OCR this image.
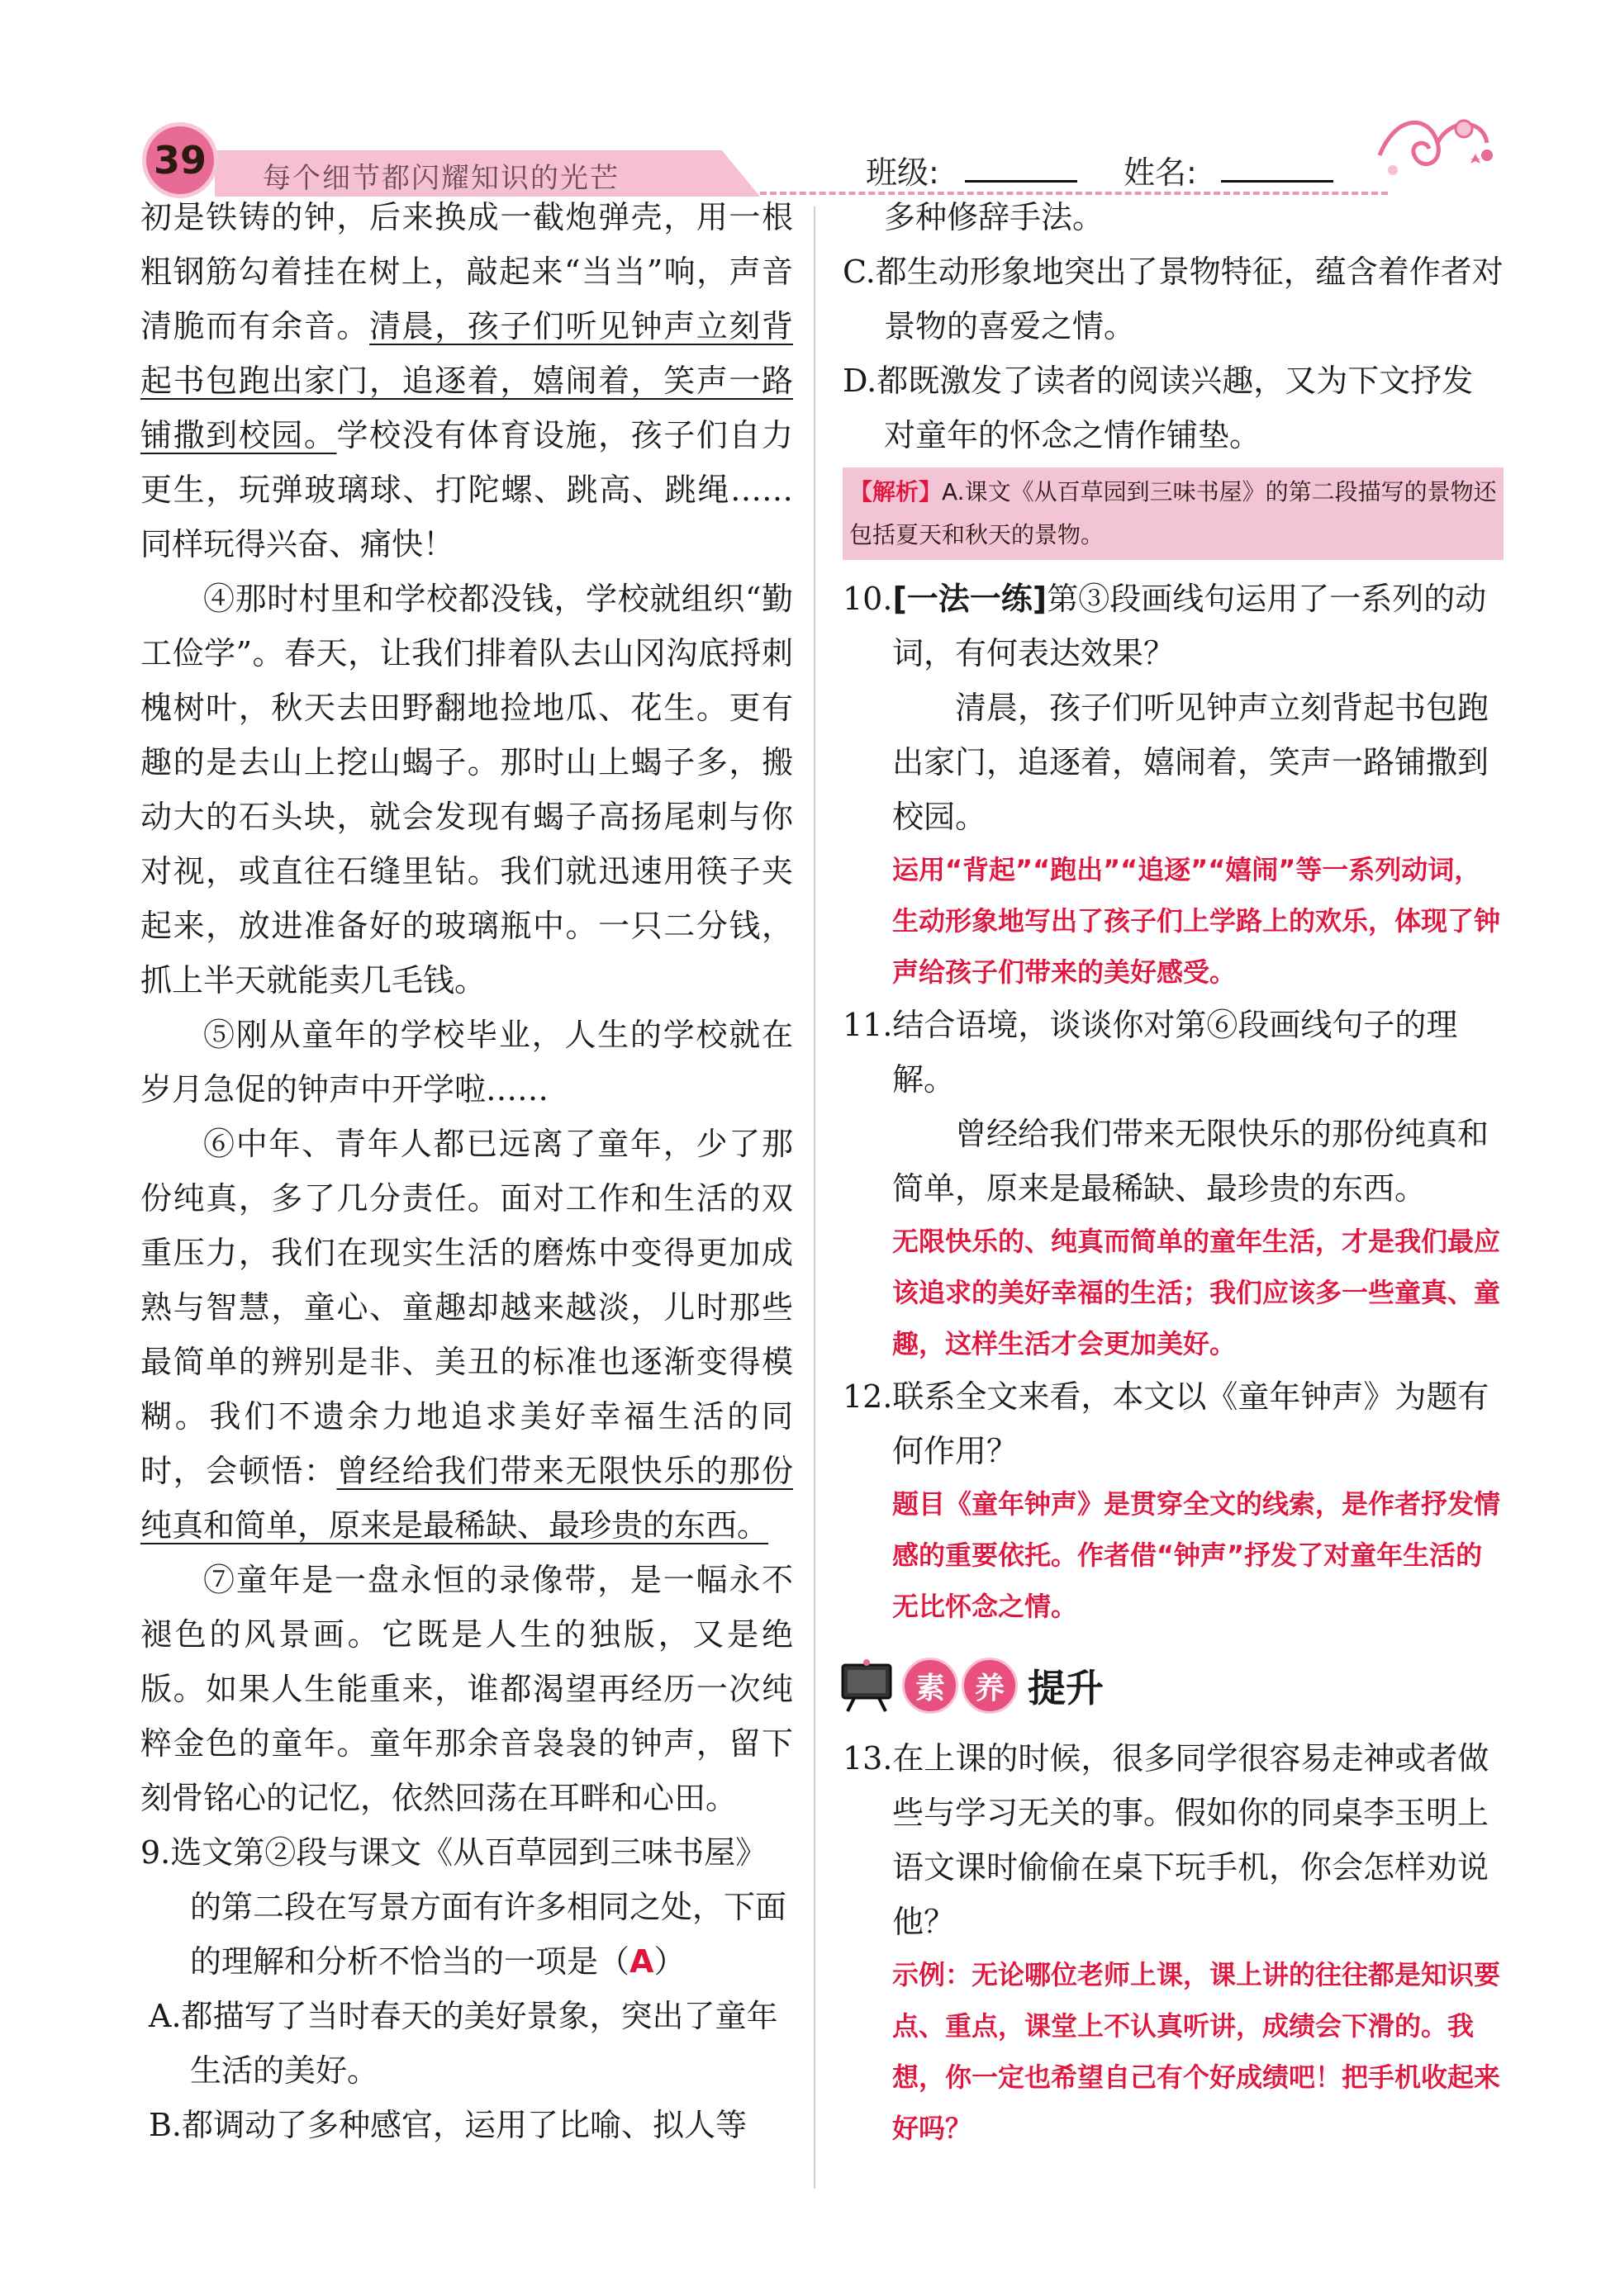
39	每个细节都闪耀知识的光芒	班级:	姓名:

初是铁铸的钟，后来换成一截炮弹壳，用一根粗钢筋勾着挂在树上，敲起来“当当”响，声音清脆而有余音。清晨，孩子们听见钟声立刻背起书包跑出家门，追逐着，嬉闹着，笑声一路铺撒到校园。学校没有体育设施，孩子们自力更生，玩弹玻璃球、打陀螺、跳高、跳绳……同样玩得兴奋、痛快！

④那时村里和学校都没钱，学校就组织“勤工俭学”。春天，让我们排着队去山冈沟底捋刺槐树叶，秋天去田野翻地捡地瓜、花生。更有趣的是去山上挖山蝎子。那时山上蝎子多，搬动大的石头块，就会发现有蝎子高扬尾刺与你对视，或直往石缝里钻。我们就迅速用筷子夹起来，放进准备好的玻璃瓶中。一只二分钱，抓上半天就能卖几毛钱。

⑤刚从童年的学校毕业，人生的学校就在岁月急促的钟声中开学啦……

⑥中年、青年人都已远离了童年，少了那份纯真，多了几分责任。面对工作和生活的双重压力，我们在现实生活的磨炼中变得更加成熟与智慧，童心、童趣却越来越淡，儿时那些最简单的辨别是非、美丑的标准也逐渐变得模糊。我们不遗余力地追求美好幸福生活的同时，会顿悟：曾经给我们带来无限快乐的那份纯真和简单，原来是最稀缺、最珍贵的东西。

⑦童年是一盘永恒的录像带，是一幅永不褪色的风景画。它既是人生的独版，又是绝版。如果人生能重来，谁都渴望再经历一次纯粹金色的童年。童年那余音袅袅的钟声，留下刻骨铭心的记忆，依然回荡在耳畔和心田。

9.选文第②段与课文《从百草园到三味书屋》的第二段在写景方面有许多相同之处，下面的理解和分析不恰当的一项是（A）

A.都描写了当时春天的美好景象，突出了童年生活的美好。

B.都调动了多种感官，运用了比喻、拟人等

多种修辞手法。

C.都生动形象地突出了景物特征，蕴含着作者对景物的喜爱之情。

D.都既激发了读者的阅读兴趣，又为下文抒发对童年的怀念之情作铺垫。

【解析】A.课文《从百草园到三味书屋》的第二段描写的景物还包括夏天和秋天的景物。

10.[一法一练]第③段画线句运用了一系列的动词，有何表达效果？

清晨，孩子们听见钟声立刻背起书包跑出家门，追逐着，嬉闹着，笑声一路铺撒到校园。

运用“背起”“跑出”“追逐”“嬉闹”等一系列动词，生动形象地写出了孩子们上学路上的欢乐，体现了钟声给孩子们带来的美好感受。

11.结合语境，谈谈你对第⑥段画线句子的理解。

曾经给我们带来无限快乐的那份纯真和简单，原来是最稀缺、最珍贵的东西。

无限快乐的、纯真而简单的童年生活，才是我们最应该追求的美好幸福的生活；我们应该多一些童真、童趣，这样生活才会更加美好。

12.联系全文来看，本文以《童年钟声》为题有何作用？

题目《童年钟声》是贯穿全文的线索，是作者抒发情感的重要依托。作者借“钟声”抒发了对童年生活的无比怀念之情。

素 养 提升

13.在上课的时候，很多同学很容易走神或者做些与学习无关的事。假如你的同桌李玉明上语文课时偷偷在桌下玩手机，你会怎样劝说他？

示例：无论哪位老师上课，课上讲的往往都是知识要点、重点，课堂上不认真听讲，成绩会下滑的。我想，你一定也希望自己有个好成绩吧！把手机收起来好吗？
